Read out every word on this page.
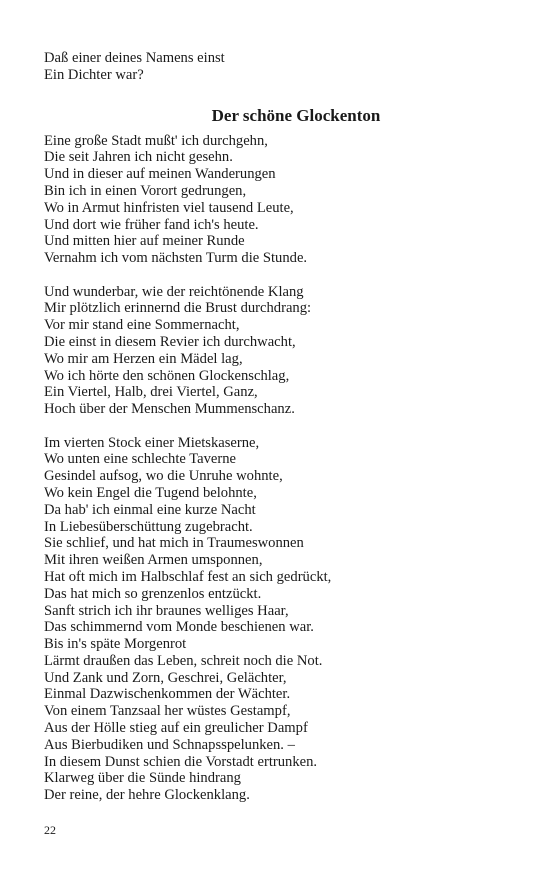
Daß einer deines Namens einst
Ein Dichter war?
Der schöne Glockenton
Eine große Stadt mußt' ich durchgehn,
Die seit Jahren ich nicht gesehn.
Und in dieser auf meinen Wanderungen
Bin ich in einen Vorort gedrungen,
Wo in Armut hinfristen viel tausend Leute,
Und dort wie früher fand ich's heute.
Und mitten hier auf meiner Runde
Vernahm ich vom nächsten Turm die Stunde.
Und wunderbar, wie der reichtönende Klang
Mir plötzlich erinnernd die Brust durchdrang:
Vor mir stand eine Sommernacht,
Die einst in diesem Revier ich durchwacht,
Wo mir am Herzen ein Mädel lag,
Wo ich hörte den schönen Glockenschlag,
Ein Viertel, Halb, drei Viertel, Ganz,
Hoch über der Menschen Mummenschanz.
Im vierten Stock einer Mietskaserne,
Wo unten eine schlechte Taverne
Gesindel aufsog, wo die Unruhe wohnte,
Wo kein Engel die Tugend belohnte,
Da hab' ich einmal eine kurze Nacht
In Liebesüberschüttung zugebracht.
Sie schlief, und hat mich in Traumeswonnen
Mit ihren weißen Armen umsponnen,
Hat oft mich im Halbschlaf fest an sich gedrückt,
Das hat mich so grenzenlos entzückt.
Sanft strich ich ihr braunes welliges Haar,
Das schimmernd vom Monde beschienen war.
Bis in's späte Morgenrot
Lärmt draußen das Leben, schreit noch die Not.
Und Zank und Zorn, Geschrei, Gelächter,
Einmal Dazwischenkommen der Wächter.
Von einem Tanzsaal her wüstes Gestampf,
Aus der Hölle stieg auf ein greulicher Dampf
Aus Bierbudiken und Schnapsspelunken. –
In diesem Dunst schien die Vorstadt ertrunken.
Klarweg über die Sünde hindrang
Der reine, der hehre Glockenklang.
22
